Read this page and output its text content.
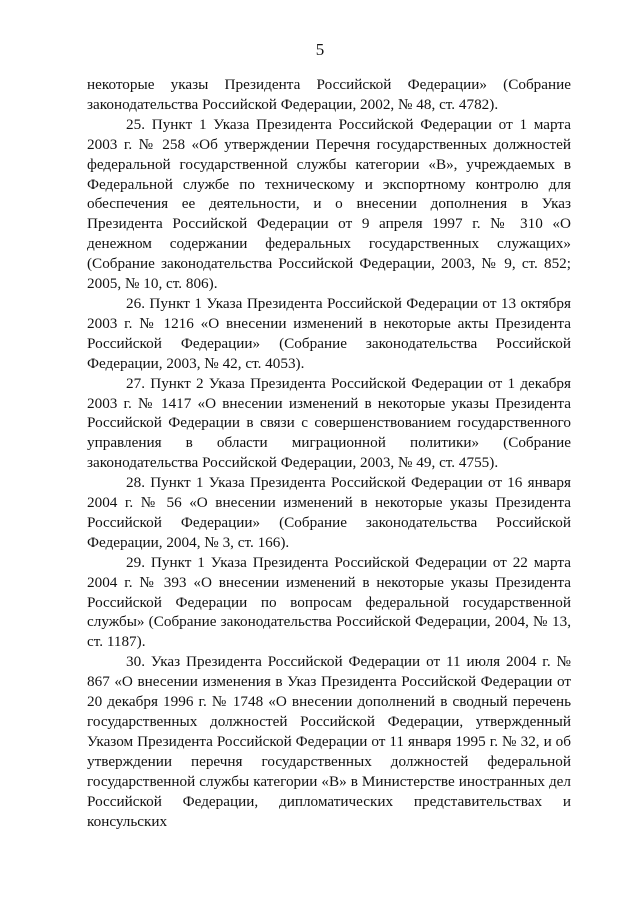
5

некоторые указы Президента Российской Федерации» (Собрание законодательства Российской Федерации, 2002, № 48, ст. 4782).

25. Пункт 1 Указа Президента Российской Федерации от 1 марта 2003 г. № 258 «Об утверждении Перечня государственных должностей федеральной государственной службы категории «В», учреждаемых в Федеральной службе по техническому и экспортному контролю для обеспечения ее деятельности, и о внесении дополнения в Указ Президента Российской Федерации от 9 апреля 1997 г. № 310 «О денежном содержании федеральных государственных служащих» (Собрание законодательства Российской Федерации, 2003, № 9, ст. 852; 2005, № 10, ст. 806).

26. Пункт 1 Указа Президента Российской Федерации от 13 октября 2003 г. № 1216 «О внесении изменений в некоторые акты Президента Российской Федерации» (Собрание законодательства Российской Федерации, 2003, № 42, ст. 4053).

27. Пункт 2 Указа Президента Российской Федерации от 1 декабря 2003 г. № 1417 «О внесении изменений в некоторые указы Президента Российской Федерации в связи с совершенствованием государственного управления в области миграционной политики» (Собрание законодательства Российской Федерации, 2003, № 49, ст. 4755).

28. Пункт 1 Указа Президента Российской Федерации от 16 января 2004 г. № 56 «О внесении изменений в некоторые указы Президента Российской Федерации» (Собрание законодательства Российской Федерации, 2004, № 3, ст. 166).

29. Пункт 1 Указа Президента Российской Федерации от 22 марта 2004 г. № 393 «О внесении изменений в некоторые указы Президента Российской Федерации по вопросам федеральной государственной службы» (Собрание законодательства Российской Федерации, 2004, № 13, ст. 1187).

30. Указ Президента Российской Федерации от 11 июля 2004 г. № 867 «О внесении изменения в Указ Президента Российской Федерации от 20 декабря 1996 г. № 1748 «О внесении дополнений в сводный перечень государственных должностей Российской Федерации, утвержденный Указом Президента Российской Федерации от 11 января 1995 г. № 32, и об утверждении перечня государственных должностей федеральной государственной службы категории «В» в Министерстве иностранных дел Российской Федерации, дипломатических представительствах и консульских
